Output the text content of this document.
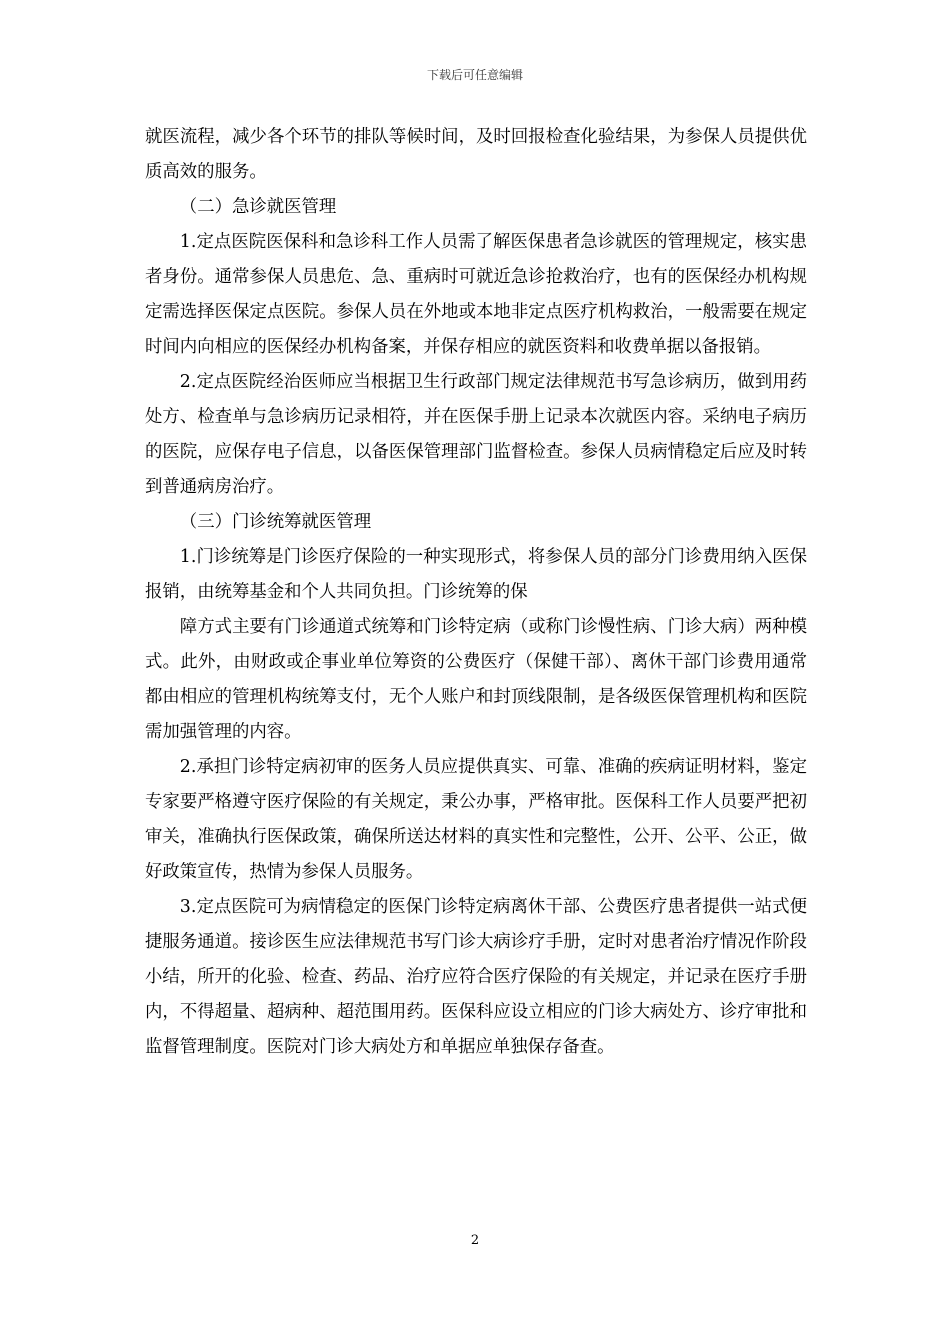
下载后可任意编辑

就医流程，减少各个环节的排队等候时间，及时回报检查化验结果，为参保人员提供优质高效的服务。

（二）急诊就医管理

1.定点医院医保科和急诊科工作人员需了解医保患者急诊就医的管理规定，核实患者身份。通常参保人员患危、急、重病时可就近急诊抢救治疗，也有的医保经办机构规定需选择医保定点医院。参保人员在外地或本地非定点医疗机构救治，一般需要在规定时间内向相应的医保经办机构备案，并保存相应的就医资料和收费单据以备报销。

2.定点医院经治医师应当根据卫生行政部门规定法律规范书写急诊病历，做到用药处方、检查单与急诊病历记录相符，并在医保手册上记录本次就医内容。采纳电子病历的医院，应保存电子信息，以备医保管理部门监督检查。参保人员病情稳定后应及时转到普通病房治疗。

（三）门诊统筹就医管理

1.门诊统筹是门诊医疗保险的一种实现形式，将参保人员的部分门诊费用纳入医保报销，由统筹基金和个人共同负担。门诊统筹的保

障方式主要有门诊通道式统筹和门诊特定病（或称门诊慢性病、门诊大病）两种模式。此外，由财政或企事业单位筹资的公费医疗（保健干部）、离休干部门诊费用通常都由相应的管理机构统筹支付，无个人账户和封顶线限制，是各级医保管理机构和医院需加强管理的内容。

2.承担门诊特定病初审的医务人员应提供真实、可靠、准确的疾病证明材料，鉴定专家要严格遵守医疗保险的有关规定，秉公办事，严格审批。医保科工作人员要严把初审关，准确执行医保政策，确保所送达材料的真实性和完整性，公开、公平、公正，做好政策宣传，热情为参保人员服务。

3.定点医院可为病情稳定的医保门诊特定病离休干部、公费医疗患者提供一站式便捷服务通道。接诊医生应法律规范书写门诊大病诊疗手册，定时对患者治疗情况作阶段小结，所开的化验、检查、药品、治疗应符合医疗保险的有关规定，并记录在医疗手册内，不得超量、超病种、超范围用药。医保科应设立相应的门诊大病处方、诊疗审批和监督管理制度。医院对门诊大病处方和单据应单独保存备查。

2
